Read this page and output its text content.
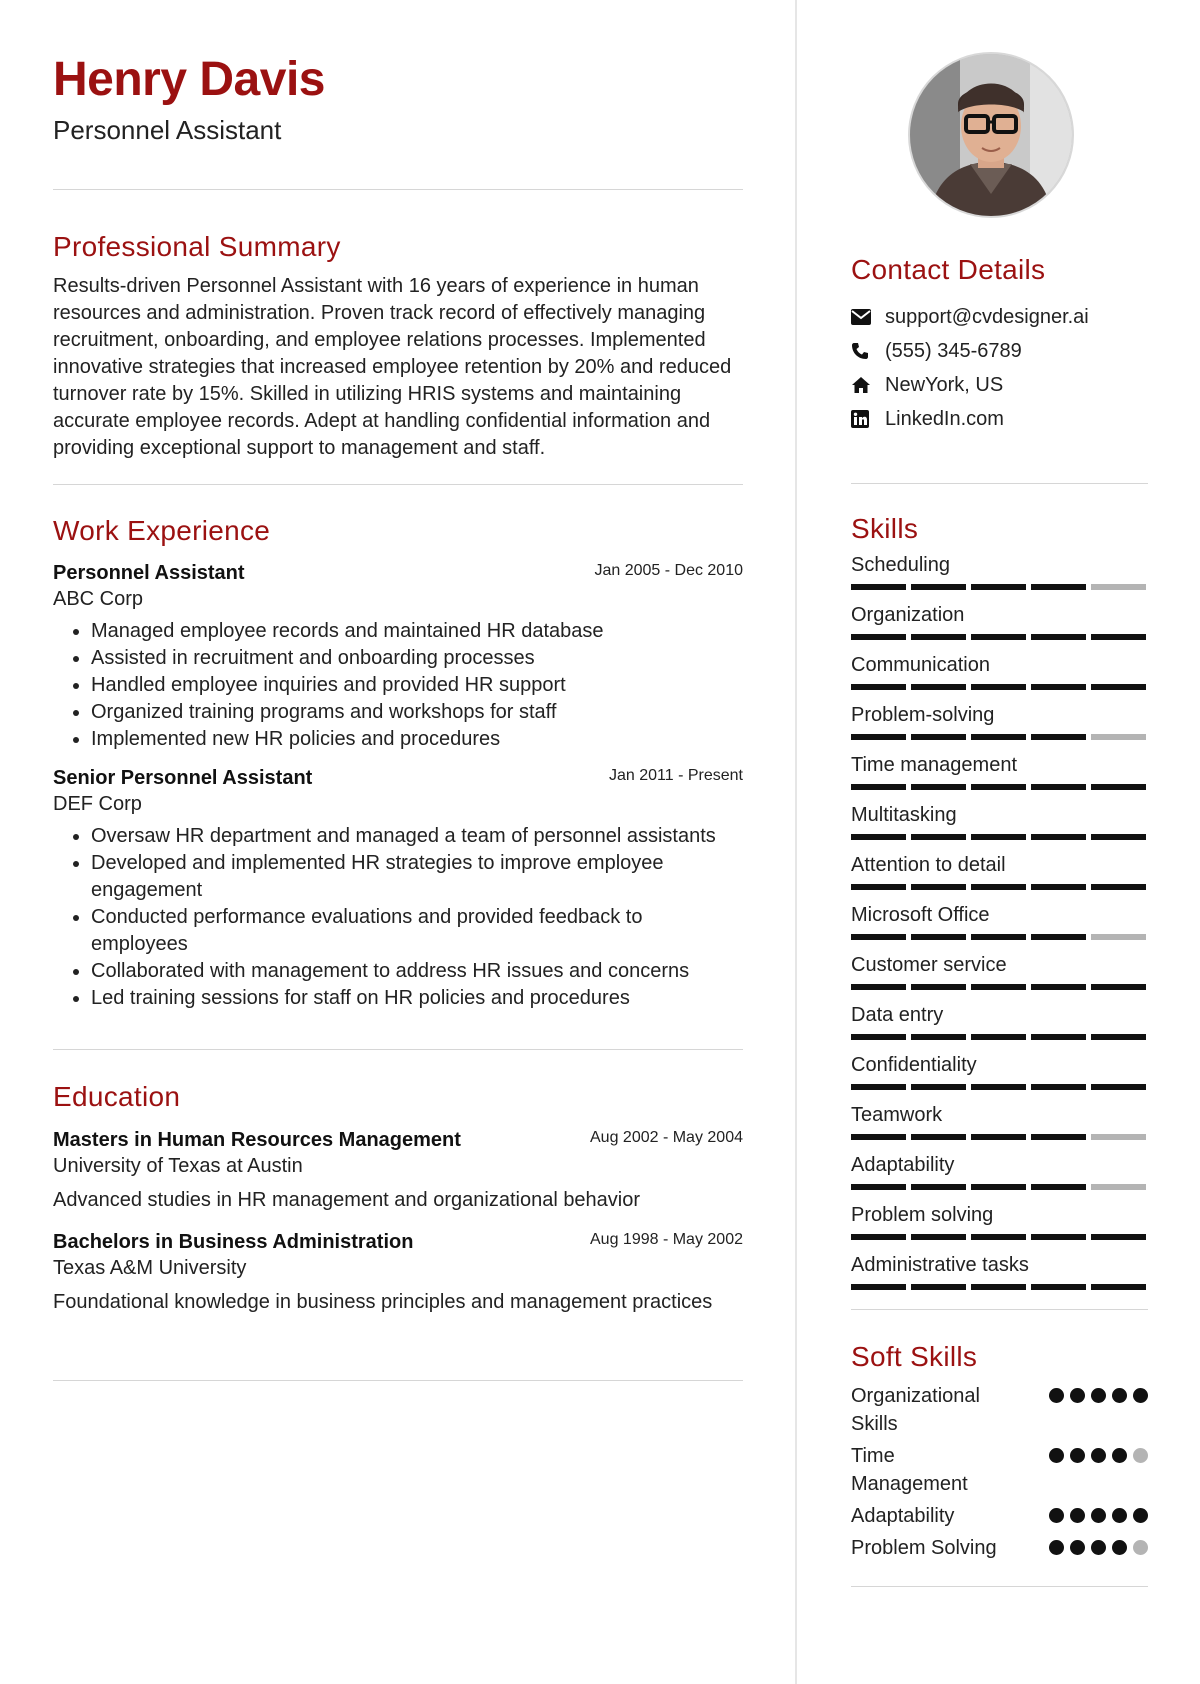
Henry Davis
Personnel Assistant
Professional Summary
Results-driven Personnel Assistant with 16 years of experience in human resources and administration. Proven track record of effectively managing recruitment, onboarding, and employee relations processes. Implemented innovative strategies that increased employee retention by 20% and reduced turnover rate by 15%. Skilled in utilizing HRIS systems and maintaining accurate employee records. Adept at handling confidential information and providing exceptional support to management and staff.
Work Experience
Personnel Assistant	Jan 2005 - Dec 2010
ABC Corp
• Managed employee records and maintained HR database
• Assisted in recruitment and onboarding processes
• Handled employee inquiries and provided HR support
• Organized training programs and workshops for staff
• Implemented new HR policies and procedures
Senior Personnel Assistant	Jan 2011 - Present
DEF Corp
• Oversaw HR department and managed a team of personnel assistants
• Developed and implemented HR strategies to improve employee engagement
• Conducted performance evaluations and provided feedback to employees
• Collaborated with management to address HR issues and concerns
• Led training sessions for staff on HR policies and procedures
Education
Masters in Human Resources Management	Aug 2002 - May 2004
University of Texas at Austin
Advanced studies in HR management and organizational behavior
Bachelors in Business Administration	Aug 1998 - May 2002
Texas A&M University
Foundational knowledge in business principles and management practices
Contact Details
support@cvdesigner.ai
(555) 345-6789
NewYork, US
LinkedIn.com
Skills
Scheduling
Organization
Communication
Problem-solving
Time management
Multitasking
Attention to detail
Microsoft Office
Customer service
Data entry
Confidentiality
Teamwork
Adaptability
Problem solving
Administrative tasks
Soft Skills
Organizational Skills
Time Management
Adaptability
Problem Solving
